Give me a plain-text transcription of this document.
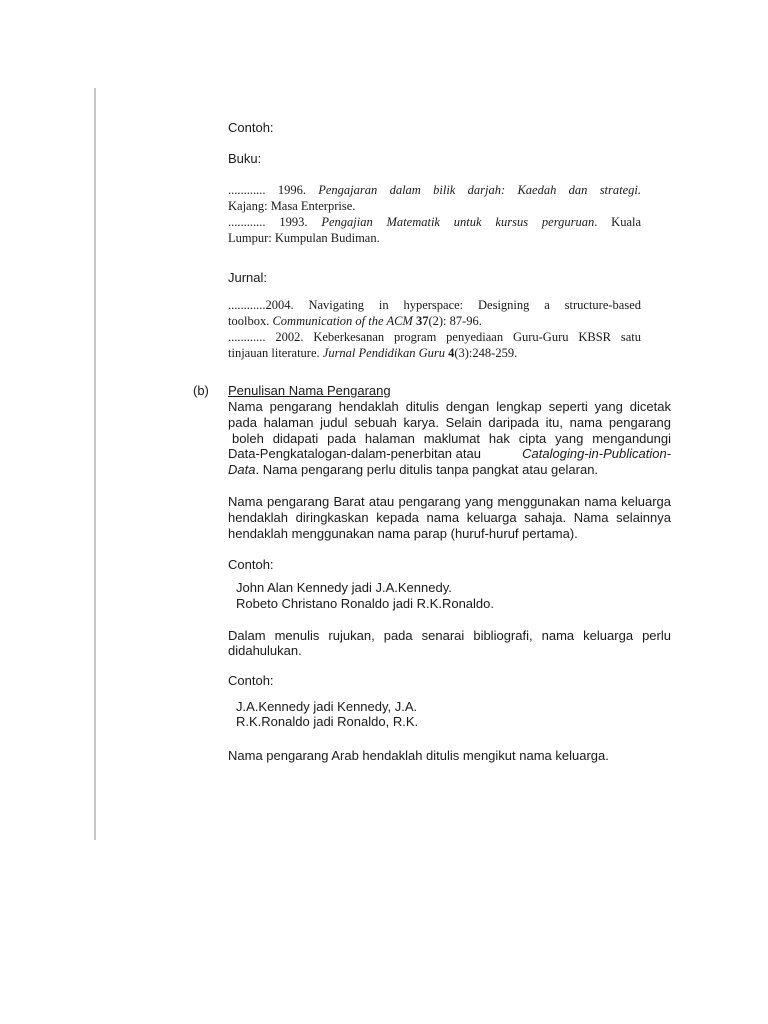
Contoh:
Buku:
............ 1996. Pengajaran dalam bilik darjah: Kaedah dan strategi.
Kajang: Masa Enterprise.
............ 1993. Pengajian Matematik untuk kursus perguruan. Kuala
Lumpur: Kumpulan Budiman.
Jurnal:
............2004. Navigating in hyperspace: Designing a structure-based
toolbox. Communication of the ACM 37(2): 87-96.
............ 2002. Keberkesanan program penyediaan Guru-Guru KBSR satu
tinjauan literature. Jurnal Pendidikan Guru 4(3):248-259.
(b) Penulisan Nama Pengarang
Nama pengarang hendaklah ditulis dengan lengkap seperti yang dicetak
pada halaman judul sebuah karya. Selain daripada itu, nama pengarang
boleh didapati pada halaman maklumat hak cipta yang mengandungi
Data-Pengkatalogan-dalam-penerbitan atau	Cataloging-in-Publication-
Data. Nama pengarang perlu ditulis tanpa pangkat atau gelaran.
Nama pengarang Barat atau pengarang yang menggunakan nama keluarga
hendaklah diringkaskan kepada nama keluarga sahaja. Nama selainnya
hendaklah menggunakan nama parap (huruf-huruf pertama).
Contoh:
John Alan Kennedy jadi J.A.Kennedy.
Robeto Christano Ronaldo jadi R.K.Ronaldo.
Dalam menulis rujukan, pada senarai bibliografi, nama keluarga perlu
didahulukan.
Contoh:
J.A.Kennedy jadi Kennedy, J.A.
R.K.Ronaldo jadi Ronaldo, R.K.
Nama pengarang Arab hendaklah ditulis mengikut nama keluarga.
